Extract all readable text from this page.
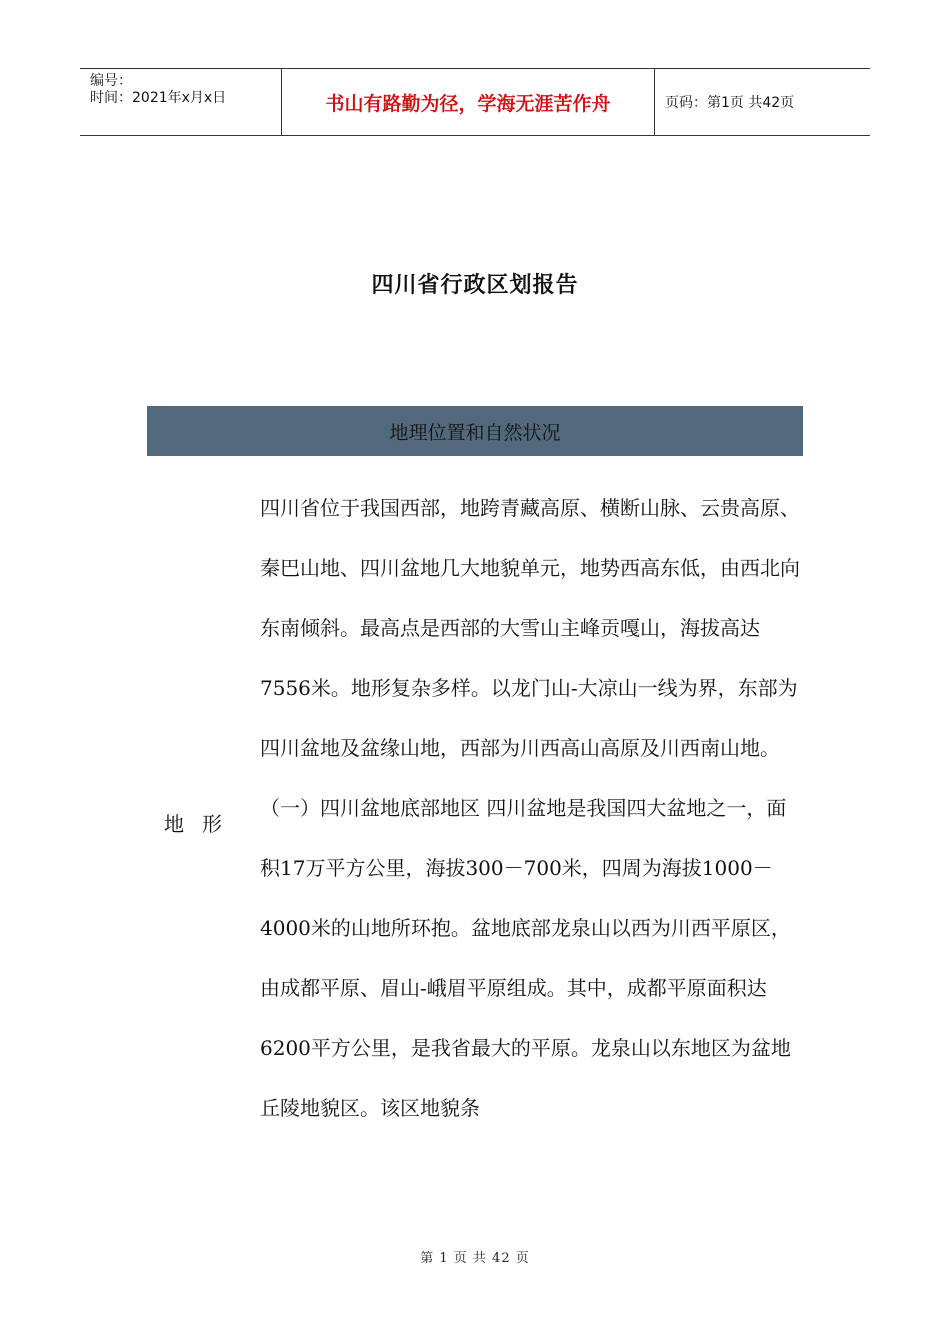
编号：
时间：2021年x月x日	书山有路勤为径，学海无涯苦作舟	页码：第1页 共42页
四川省行政区划报告
地理位置和自然状况
地形

四川省位于我国西部，地跨青藏高原、横断山脉、云贵高原、秦巴山地、四川盆地几大地貌单元，地势西高东低，由西北向东南倾斜。最高点是西部的大雪山主峰贡嘎山，海拔高达7556米。地形复杂多样。以龙门山-大凉山一线为界，东部为四川盆地及盆缘山地，西部为川西高山高原及川西南山地。

（一）四川盆地底部地区 四川盆地是我国四大盆地之一，面积17万平方公里，海拔300－700米，四周为海拔1000－4000米的山地所环抱。盆地底部龙泉山以西为川西平原区，由成都平原、眉山-峨眉平原组成。其中，成都平原面积达6200平方公里，是我省最大的平原。龙泉山以东地区为盆地丘陵地貌区。该区地貌条

第 1 页 共 42 页
